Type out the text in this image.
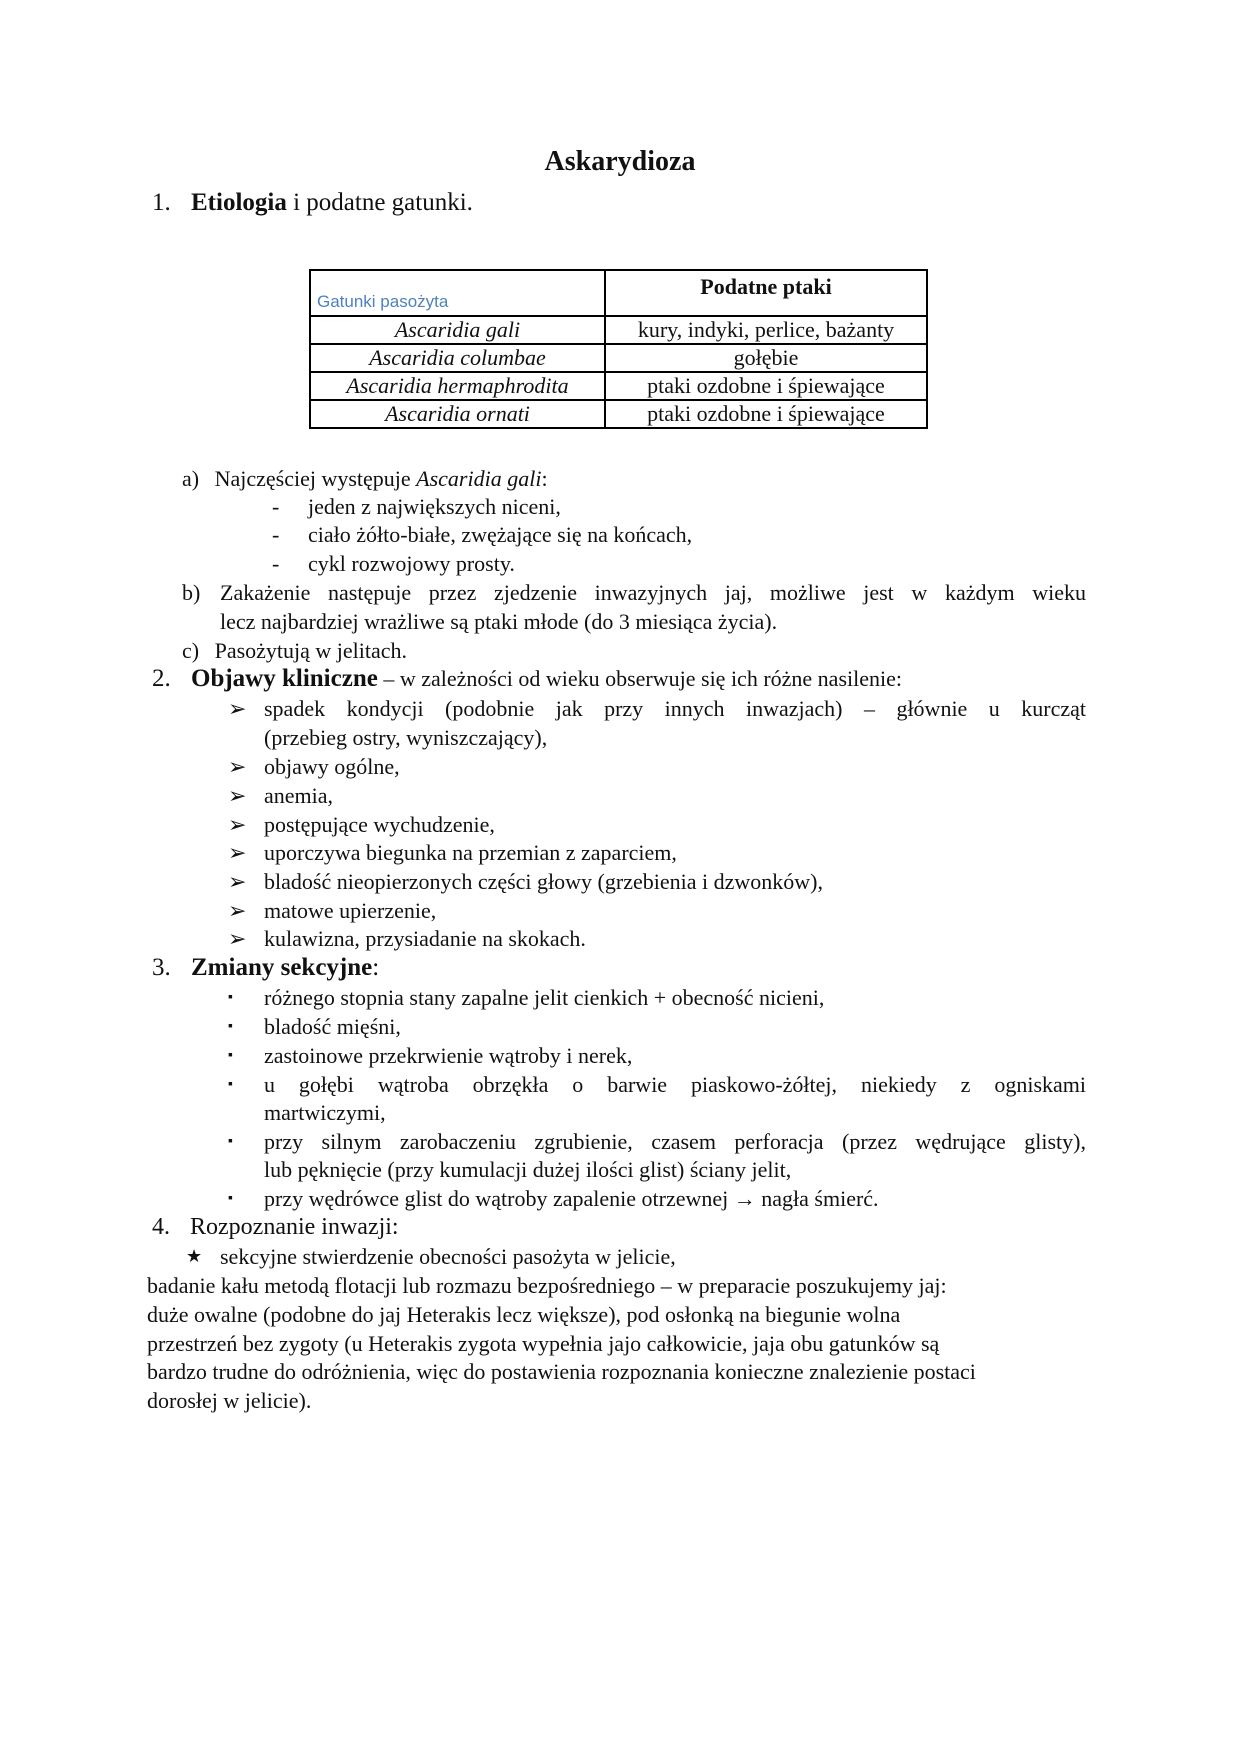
Askarydioza
1. Etiologia i podatne gatunki.
Gatunki pasożyta	Podatne ptaki
Ascaridia gali	kury, indyki, perlice, bażanty
Ascaridia columbae	gołębie
Ascaridia hermaphrodita	ptaki ozdobne i śpiewające
Ascaridia ornati	ptaki ozdobne i śpiewające
a) Najczęściej występuje Ascaridia gali:
- jeden z największych niceni,
- ciało żółto-białe, zwężające się na końcach,
- cykl rozwojowy prosty.
b) Zakażenie następuje przez zjedzenie inwazyjnych jaj, możliwe jest w każdym wieku
lecz najbardziej wrażliwe są ptaki młode (do 3 miesiąca życia).
c) Pasożytują w jelitach.
2. Objawy kliniczne – w zależności od wieku obserwuje się ich różne nasilenie:
➢ spadek kondycji (podobnie jak przy innych inwazjach) – głównie u kurcząt
(przebieg ostry, wyniszczający),
➢ objawy ogólne,
➢ anemia,
➢ postępujące wychudzenie,
➢ uporczywa biegunka na przemian z zaparciem,
➢ bladość nieopierzonych części głowy (grzebienia i dzwonków),
➢ matowe upierzenie,
➢ kulawizna, przysiadanie na skokach.
3. Zmiany sekcyjne:
▪ różnego stopnia stany zapalne jelit cienkich + obecność nicieni,
▪ bladość mięśni,
▪ zastoinowe przekrwienie wątroby i nerek,
▪ u gołębi wątroba obrzękła o barwie piaskowo-żółtej, niekiedy z ogniskami
martwiczymi,
▪ przy silnym zarobaczeniu zgrubienie, czasem perforacja (przez wędrujące glisty),
lub pęknięcie (przy kumulacji dużej ilości glist) ściany jelit,
▪ przy wędrówce glist do wątroby zapalenie otrzewnej → nagła śmierć.
4. Rozpoznanie inwazji:
★ sekcyjne stwierdzenie obecności pasożyta w jelicie,
badanie kału metodą flotacji lub rozmazu bezpośredniego – w preparacie poszukujemy jaj:
duże owalne (podobne do jaj Heterakis lecz większe), pod osłonką na biegunie wolna
przestrzeń bez zygoty (u Heterakis zygota wypełnia jajo całkowicie, jaja obu gatunków są
bardzo trudne do odróżnienia, więc do postawienia rozpoznania konieczne znalezienie postaci
dorosłej w jelicie).
